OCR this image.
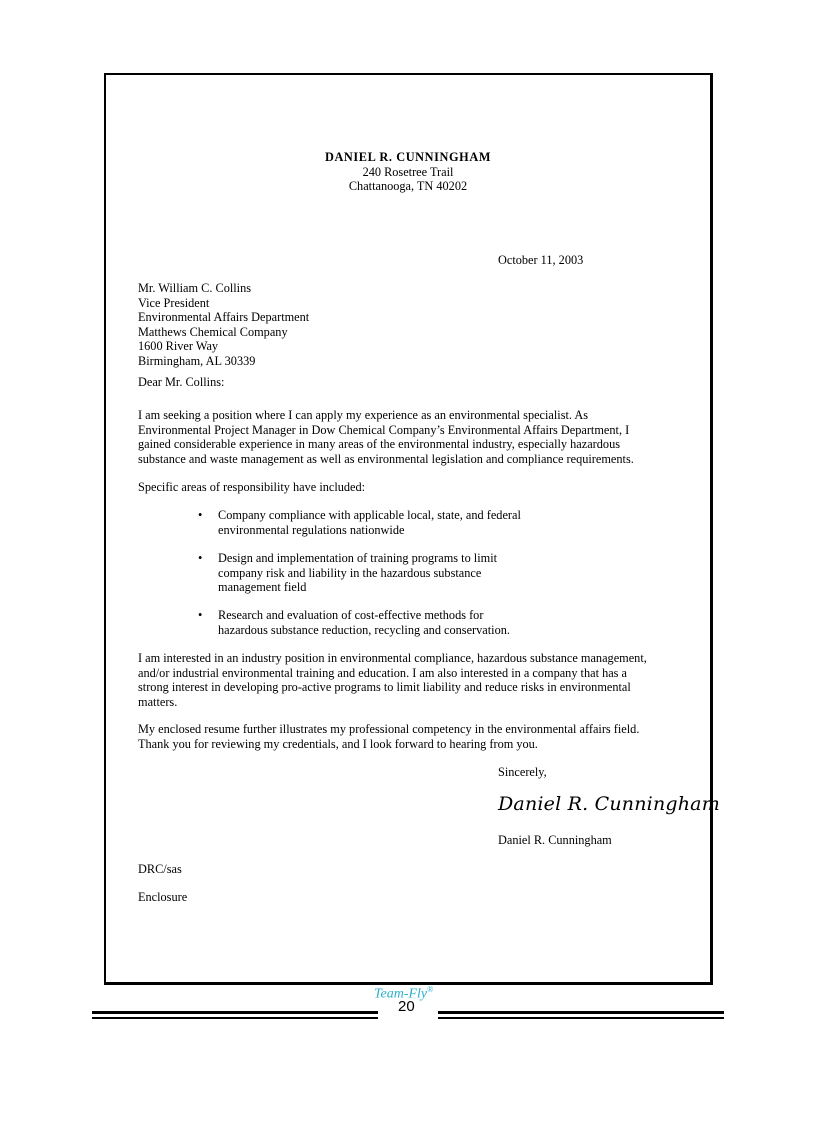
DANIEL R. CUNNINGHAM
240 Rosetree Trail
Chattanooga, TN 40202
October 11, 2003
Mr. William C. Collins
Vice President
Environmental Affairs Department
Matthews Chemical Company
1600 River Way
Birmingham, AL 30339
Dear Mr. Collins:
I am seeking a position where I can apply my experience as an environmental specialist. As
Environmental Project Manager in Dow Chemical Company’s Environmental Affairs Department, I
gained considerable experience in many areas of the environmental industry, especially hazardous
substance and waste management as well as environmental legislation and compliance requirements.
Specific areas of responsibility have included:
• Company compliance with applicable local, state, and federal
environmental regulations nationwide
• Design and implementation of training programs to limit
company risk and liability in the hazardous substance
management field
• Research and evaluation of cost-effective methods for
hazardous substance reduction, recycling and conservation.
I am interested in an industry position in environmental compliance, hazardous substance management,
and/or industrial environmental training and education. I am also interested in a company that has a
strong interest in developing pro-active programs to limit liability and reduce risks in environmental
matters.
My enclosed resume further illustrates my professional competency in the environmental affairs field.
Thank you for reviewing my credentials, and I look forward to hearing from you.
Sincerely,
Daniel R. Cunningham
Daniel R. Cunningham
DRC/sas
Enclosure
Team-Fly®
20
